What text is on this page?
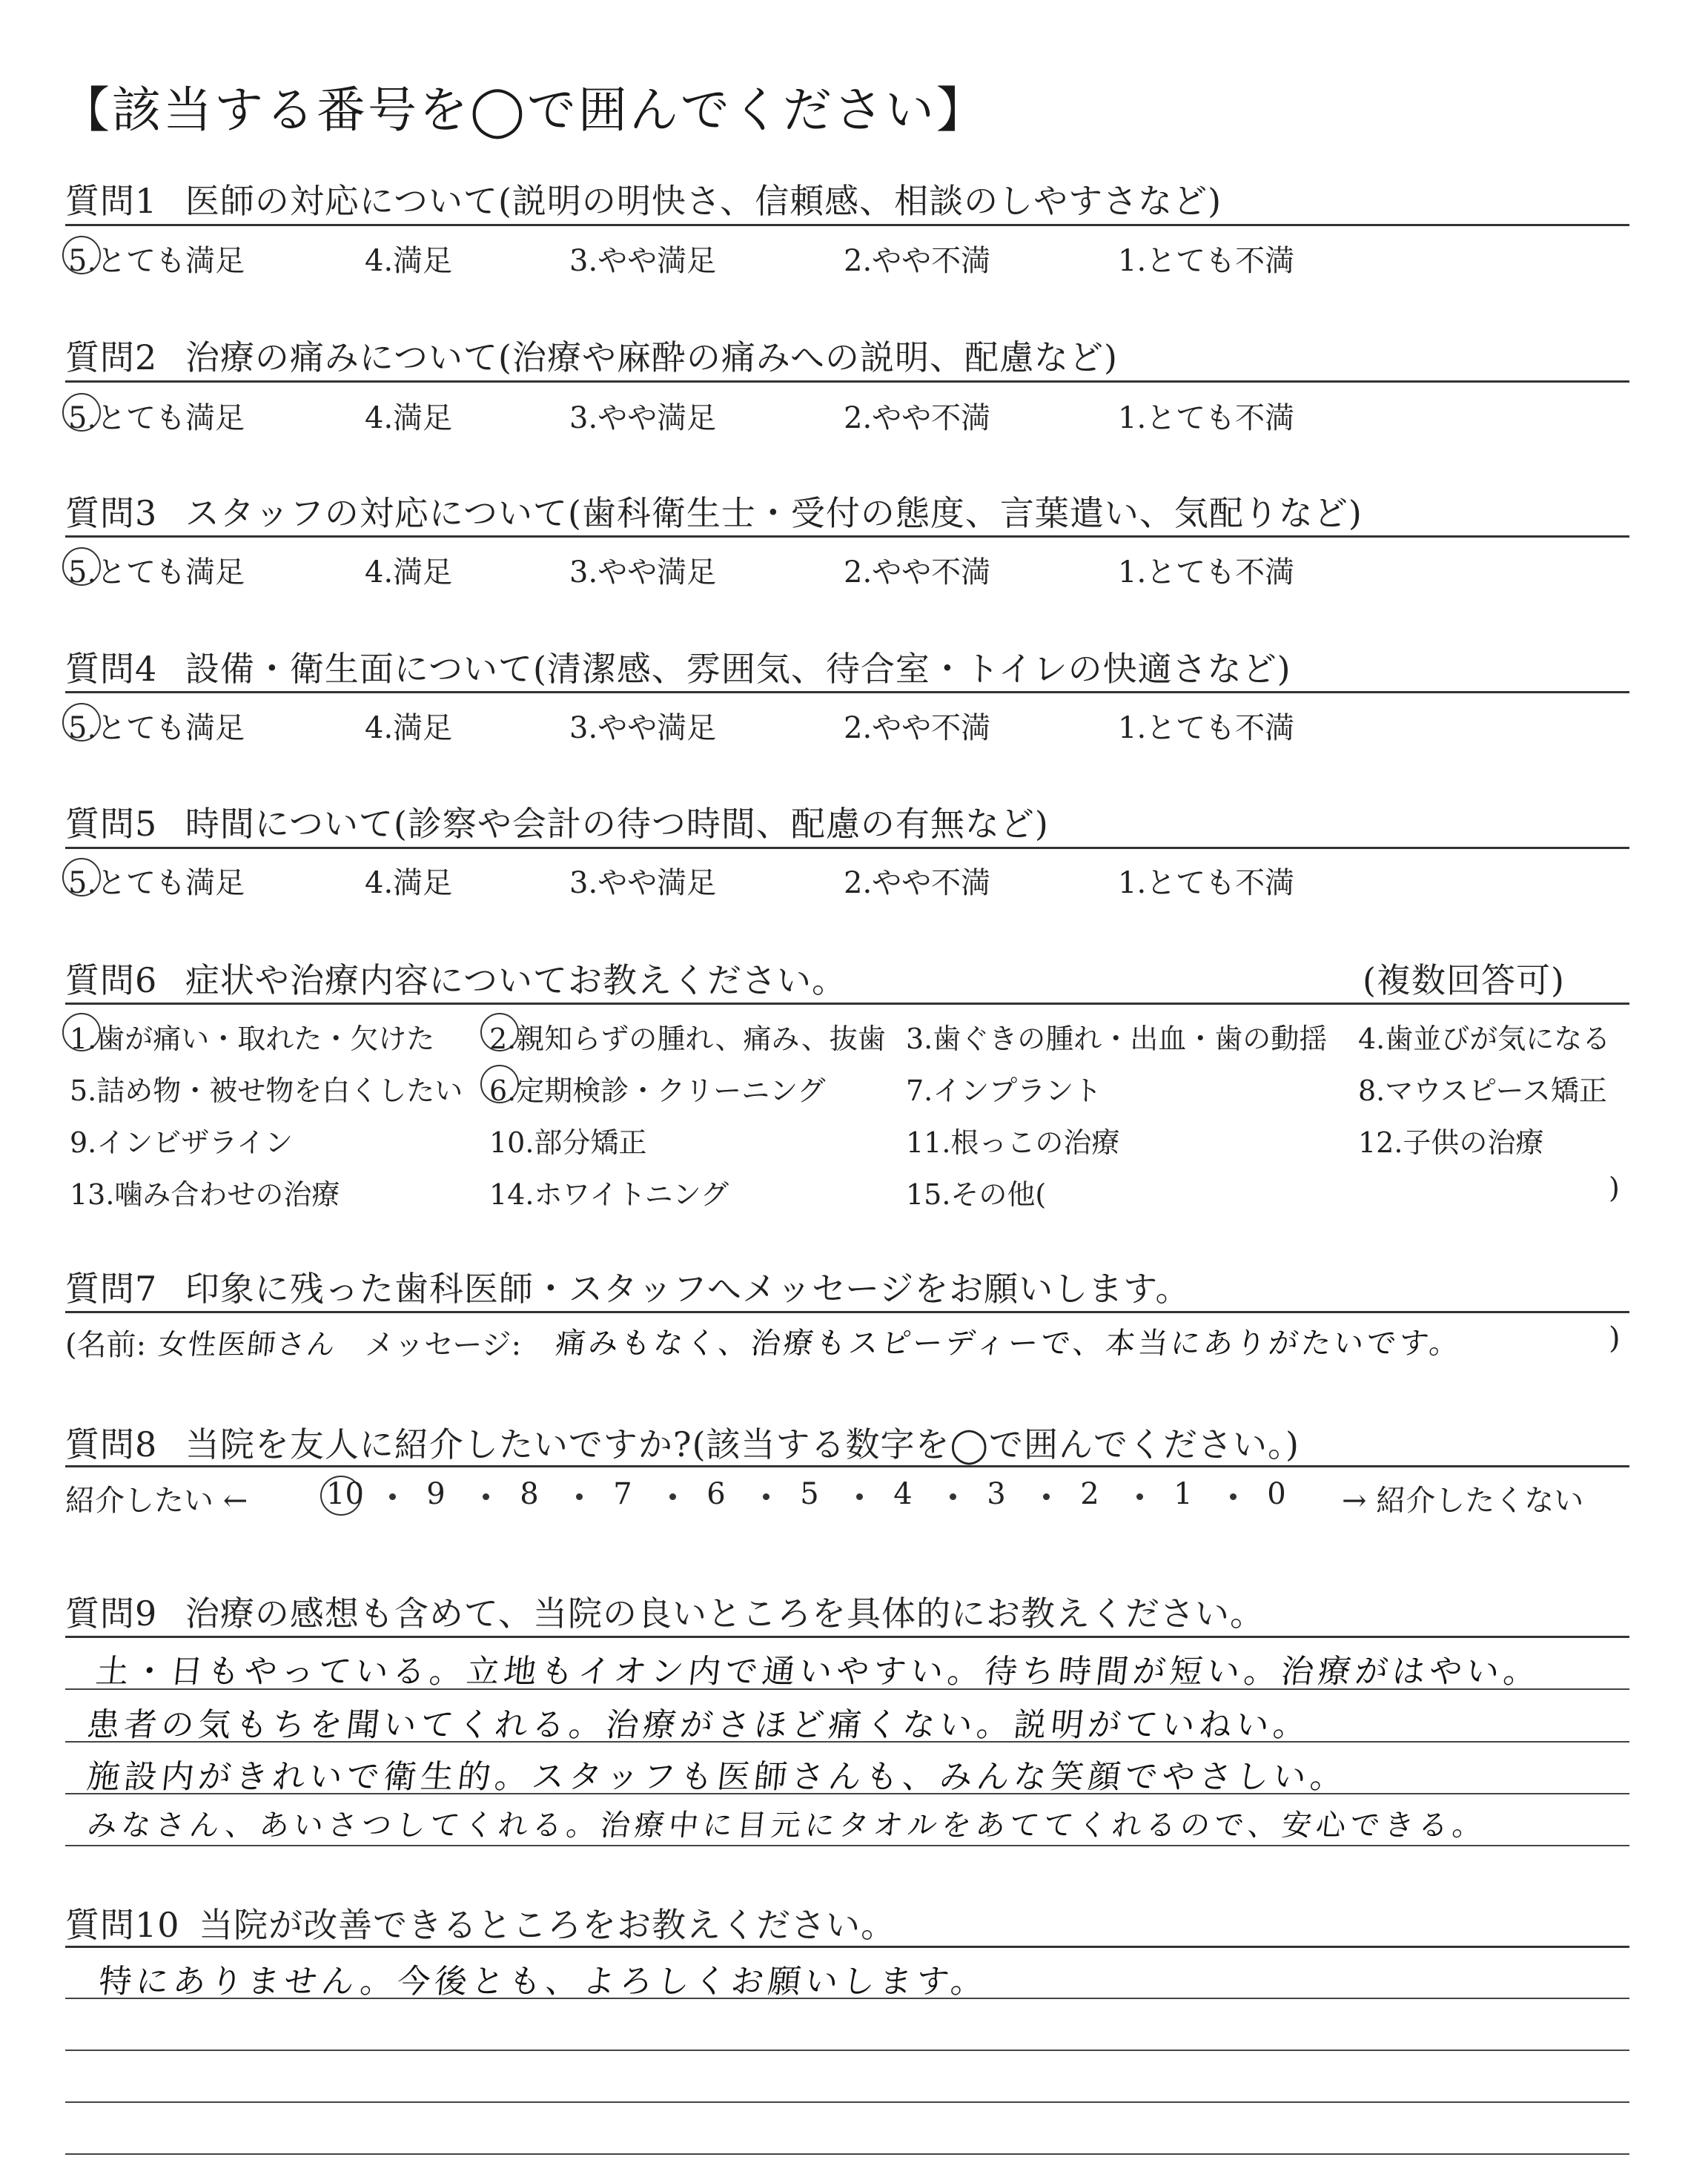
【該当する番号を◯で囲んでください】
質問1 医師の対応について(説明の明快さ、信頼感、相談のしやすさなど)
5.とても満足	4.満足	3.やや満足	2.やや不満	1.とても不満
質問2 治療の痛みについて(治療や麻酔の痛みへの説明、配慮など)
5.とても満足	4.満足	3.やや満足	2.やや不満	1.とても不満
質問3 スタッフの対応について(歯科衛生士・受付の態度、言葉遣い、気配りなど)
5.とても満足	4.満足	3.やや満足	2.やや不満	1.とても不満
質問4 設備・衛生面について(清潔感、雰囲気、待合室・トイレの快適さなど)
5.とても満足	4.満足	3.やや満足	2.やや不満	1.とても不満
質問5 時間について(診察や会計の待つ時間、配慮の有無など)
5.とても満足	4.満足	3.やや満足	2.やや不満	1.とても不満
質問6 症状や治療内容についてお教えください。	(複数回答可)
1.歯が痛い・取れた・欠けた 2.親知らずの腫れ、痛み、抜歯 3.歯ぐきの腫れ・出血・歯の動揺 4.歯並びが気になる
5.詰め物・被せ物を白くしたい 6.定期検診・クリーニング	7.インプラント	8.マウスピース矯正
9.インビザライン	10.部分矯正	11.根っこの治療	12.子供の治療
13.噛み合わせの治療	14.ホワイトニング	15.その他(	)
質問7 印象に残った歯科医師・スタッフへメッセージをお願いします。
(名前: 女性医師さん メッセージ: 痛みもなく、治療もスピーディーで、本当にありがたいです。	)
質問8 当院を友人に紹介したいですか?(該当する数字を◯で囲んでください。)
紹介したい ←	10 9	8	7	6	5	4	3	2	1	0 → 紹介したくない
質問9 治療の感想も含めて、当院の良いところを具体的にお教えください。
土・日もやっている。立地もイオン内で通いやすい。待ち時間が短い。治療がはやい。
患者の気もちを聞いてくれる。治療がさほど痛くない。説明がていねい。
施設内がきれいで衛生的。スタッフも医師さんも、みんな笑顔でやさしい。
みなさん、あいさつしてくれる。治療中に目元にタオルをあててくれるので、安心できる。
質問10 当院が改善できるところをお教えください。
特にありません。今後とも、よろしくお願いします。
